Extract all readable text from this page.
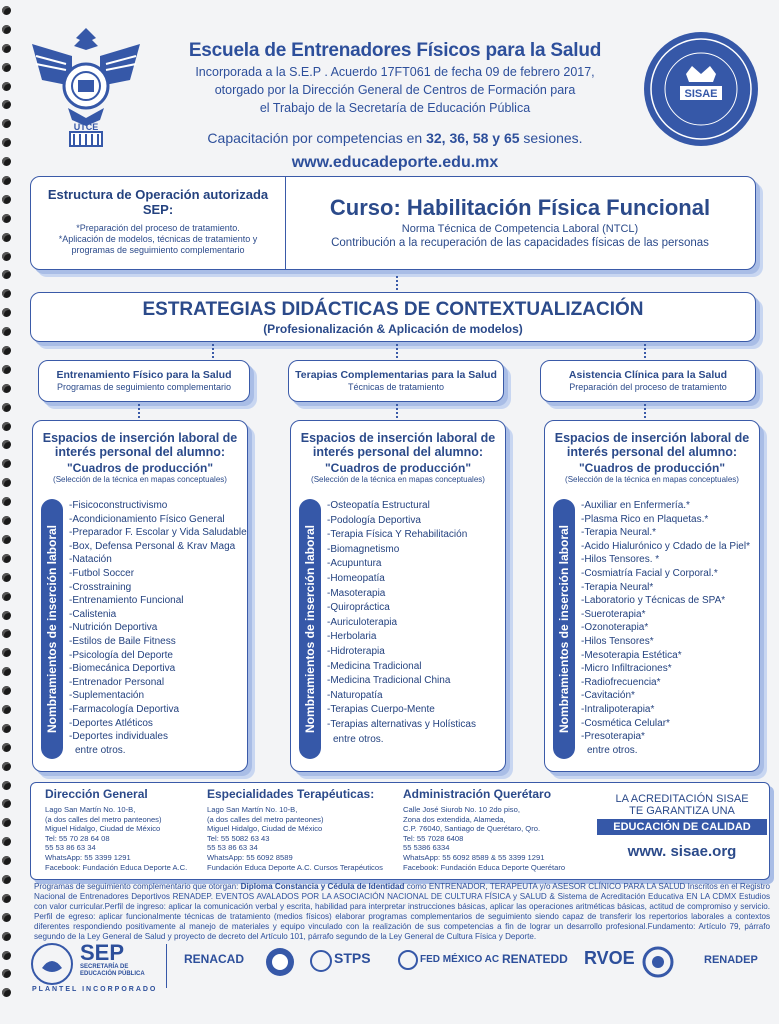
UTCE
Escuela de Entrenadores Físicos para la Salud
Incorporada a la S.E.P . Acuerdo 17FT061 de fecha 09 de febrero 2017,
otorgado por la Dirección General de Centros de Formación para
el Trabajo de la Secretaría de Educación Pública
Capacitación por competencias en 32, 36, 58 y 65 sesiones.
www.educadeporte.edu.mx
SISAE
Estructura de Operación autorizada SEP:
*Preparación del proceso de tratamiento.
*Aplicación de modelos, técnicas de tratamiento y programas de seguimiento complementario
Curso: Habilitación Física Funcional
Norma Técnica de Competencia Laboral (NTCL)
Contribución a la recuperación de las capacidades físicas de las personas
ESTRATEGIAS DIDÁCTICAS DE CONTEXTUALIZACIÓN
(Profesionalización & Aplicación de modelos)
Entrenamiento Físico para la Salud
Programas de seguimiento complementario
Terapias Complementarias para la Salud
Técnicas de tratamiento
Asistencia Clínica para la Salud
Preparación del proceso de tratamiento
Espacios de inserción laboral de interés personal del alumno:
"Cuadros de producción"
(Selección de la técnica en mapas conceptuales)
Nombramientos de inserción laboral
-Fisicoconstructivismo
-Acondicionamiento Físico General
-Preparador F. Escolar y Vida Saludable
-Box, Defensa Personal & Krav Maga
-Natación
-Futbol Soccer
-Crosstraining
-Entrenamiento Funcional
-Calistenia
-Nutrición Deportiva
-Estilos de Baile Fitness
-Psicología del Deporte
-Biomecánica Deportiva
-Entrenador Personal
-Suplementación
-Farmacología Deportiva
-Deportes Atléticos
-Deportes individuales
entre otros.
Espacios de inserción laboral de interés personal del alumno:
"Cuadros de producción"
(Selección de la técnica en mapas conceptuales)
Nombramientos de inserción laboral
-Osteopatía Estructural
-Podología Deportiva
-Terapia Física Y Rehabilitación
-Biomagnetismo
-Acupuntura
-Homeopatía
-Masoterapia
-Quiropráctica
-Auriculoterapia
-Herbolaria
-Hidroterapia
-Medicina Tradicional
-Medicina Tradicional China
-Naturopatía
-Terapias Cuerpo-Mente
-Terapias alternativas y Holísticas
entre otros.
Espacios de inserción laboral de interés personal del alumno:
"Cuadros de producción"
(Selección de la técnica en mapas conceptuales)
Nombramientos de inserción laboral
-Auxiliar en Enfermería.*
-Plasma Rico en Plaquetas.*
-Terapia Neural.*
-Acido Hialurónico y Cdado de la Piel*
-Hilos Tensores. *
-Cosmiatría Facial y Corporal.*
-Terapia Neural*
-Laboratorio y Técnicas de SPA*
-Sueroterapia*
-Ozonoterapia*
-Hilos Tensores*
-Mesoterapia Estética*
-Micro Infiltraciones*
-Radiofrecuencia*
-Cavitación*
-Intralipoterapia*
-Cosmética Celular*
-Presoterapia*
entre otros.
Dirección General
Lago San Martín No. 10-B,
(a dos calles del metro panteones)
Miguel Hidalgo, Ciudad de México
Tel: 55 70 28 64 08
55 53 86 63 34
WhatsApp: 55 3399 1291
Facebook: Fundación Educa Deporte A.C.
Especialidades Terapéuticas:
Lago San Martín No. 10-B,
(a dos calles del metro panteones)
Miguel Hidalgo, Ciudad de México
Tel: 55 5082 63 43
55 53 86 63 34
WhatsApp: 55 6092 8589
Fundación Educa Deporte A.C. Cursos Terapéuticos
Administración Querétaro
Calle José Siurob No. 10 2do piso,
Zona dos extendida, Alameda,
C.P. 76040, Santiago de Querétaro, Qro.
Tel: 55 7028 6408
55 5386 6334
WhatsApp: 55 6092 8589 & 55 3399 1291
Facebook: Fundación Educa Deporte Querétaro
LA ACREDITACIÓN SISAE
TE GARANTIZA UNA
EDUCACIÓN DE CALIDAD
www. sisae.org
Programas de seguimiento complementario que otorgan: Diploma Constancia y Cédula de Identidad como ENTRENADOR, TERAPEUTA y/o ASESOR CLÍNICO PARA LA SALUD Inscritos en el Registro Nacional de Entrenadores Deportivos RENADEP. EVENTOS AVALADOS POR LA ASOCIACIÓN NACIONAL DE CULTURA FÍSICA y SALUD & Sistema de Acreditación Educativa EN LA CDMX Estudios con valor curricular.Perfil de ingreso: aplicar la comunicación verbal y escrita, habilidad para interpretar instrucciones básicas, aplicar las operaciones aritméticas básicas, actitud de compromiso y servicio. Perfil de egreso: aplicar funcionalmente técnicas de tratamiento (medios físicos) elaborar programas complementarios de seguimiento siendo capaz de transferir los repertorios laborales a contextos diferentes respondiendo positivamente al manejo de materiales y equipo vinculado con la realización de sus competencias a fin de lograr un desarrollo profesional.Fundamento: Artículo 79, párrafo segundo de la Ley General de Salud y proyecto de decreto del Artículo 101, párrafo segundo de la Ley General de Cultura Física y Deporte.
SEP
SECRETARÍA DE
EDUCACIÓN PÚBLICA
PLANTEL INCORPORADO
RENACAD	STPS	FED MÉXICO AC RENATEDD RVOE	RENADEP
